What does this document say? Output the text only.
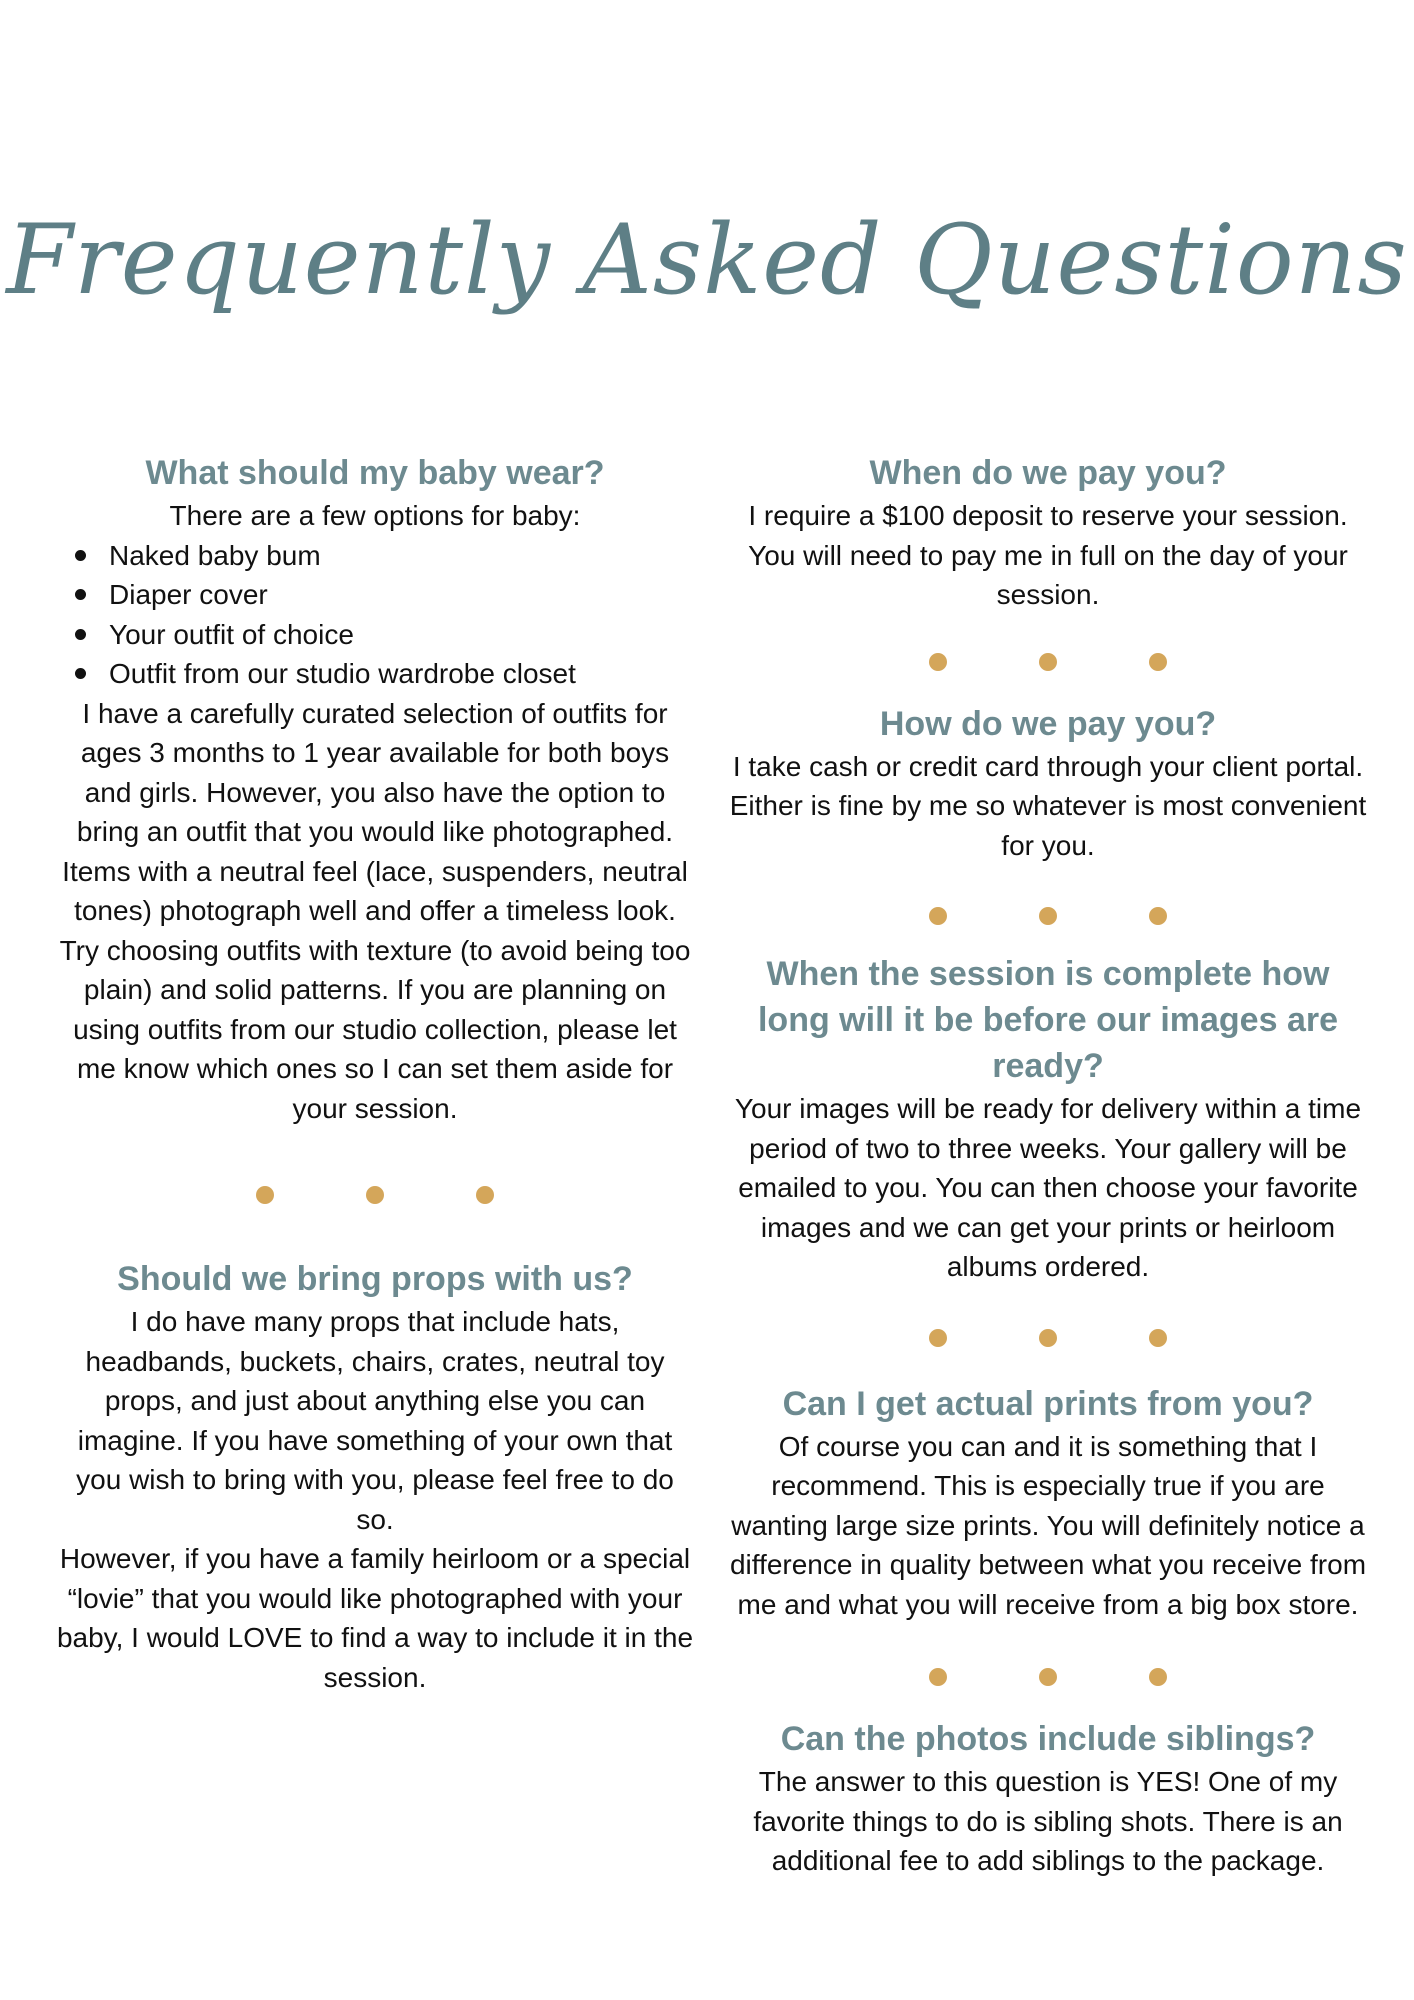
Frequently Asked Questions
What should my baby wear?

There are a few options for baby:

Naked baby bum
Diaper cover
Your outfit of choice
Outfit from our studio wardrobe closet

I have a carefully curated selection of outfits for ages 3 months to 1 year available for both boys and girls. However, you also have the option to bring an outfit that you would like photographed. Items with a neutral feel (lace, suspenders, neutral tones) photograph well and offer a timeless look. Try choosing outfits with texture (to avoid being too plain) and solid patterns. If you are planning on using outfits from our studio collection, please let me know which ones so I can set them aside for your session.

Should we bring props with us?

I do have many props that include hats, headbands, buckets, chairs, crates, neutral toy props, and just about anything else you can imagine. If you have something of your own that you wish to bring with you, please feel free to do so.

However, if you have a family heirloom or a special “lovie” that you would like photographed with your baby, I would LOVE to find a way to include it in the session.

When do we pay you?

I require a $100 deposit to reserve your session. You will need to pay me in full on the day of your session.

How do we pay you?

I take cash or credit card through your client portal. Either is fine by me so whatever is most convenient for you.

When the session is complete how long will it be before our images are ready?

Your images will be ready for delivery within a time period of two to three weeks. Your gallery will be emailed to you. You can then choose your favorite images and we can get your prints or heirloom albums ordered.

Can I get actual prints from you?

Of course you can and it is something that I recommend. This is especially true if you are wanting large size prints. You will definitely notice a difference in quality between what you receive from me and what you will receive from a big box store.

Can the photos include siblings?

The answer to this question is YES! One of my favorite things to do is sibling shots. There is an additional fee to add siblings to the package.
